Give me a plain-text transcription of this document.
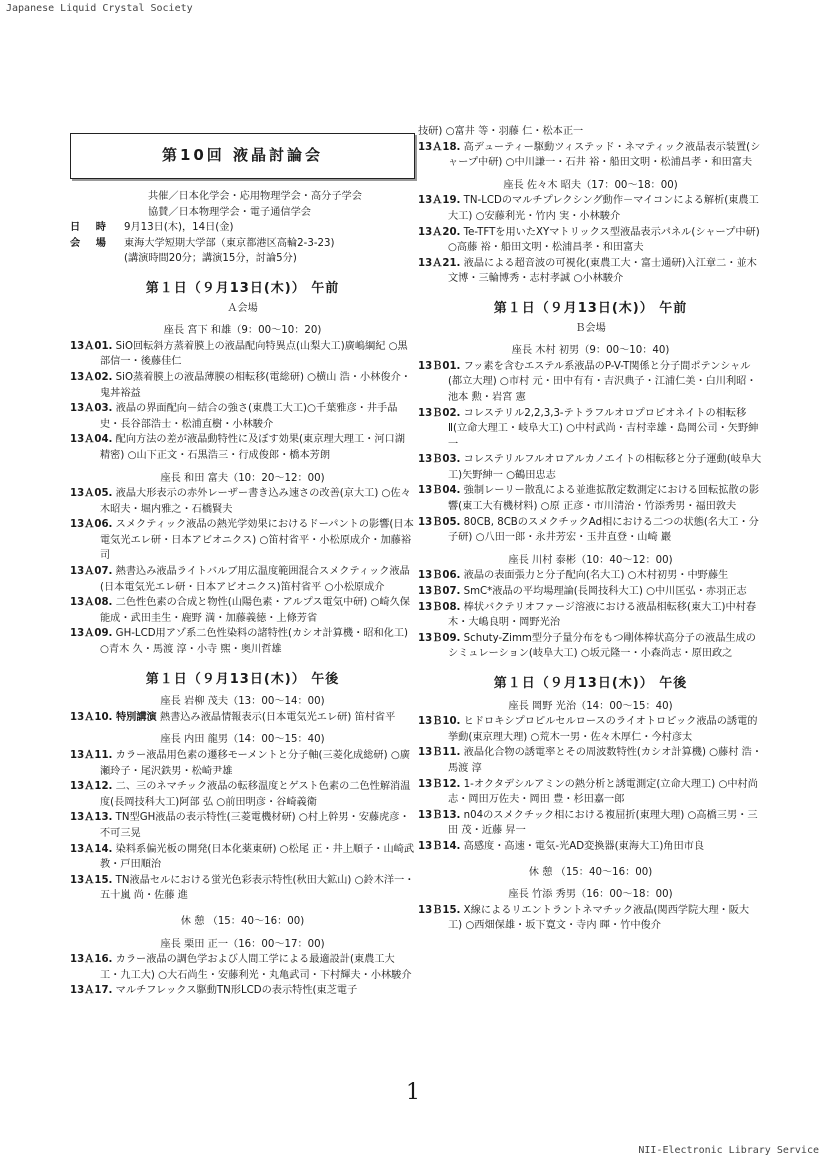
Japanese Liquid Crystal Society
第10回 液晶討論会
共催／日本化学会・応用物理学会・高分子学会
協賛／日本物理学会・電子通信学会
日 時	9月13日(木)，14日(金)
会 場	東海大学短期大学部（東京都港区高輪2-3-23)
(講演時間20分；講演15分，討論5分)
第１日（９月13日(木)） 午前
Ａ会場
座長 宮下 和雄（9：00〜10：20)
13Ａ01. SiO回転斜方蒸着膜上の液晶配向特異点(山梨大工)廣嶋綱紀 ○黒部信一・後藤佳仁
13Ａ02. SiO蒸着膜上の液晶薄膜の相転移(電総研) ○横山 浩・小林俊介・鬼丼裕益
13Ａ03. 液晶の界面配向－結合の強さ(東農工大工)○千葉雅彦・井手晶史・長谷部浩士・松浦直樹・小林駿介
13Ａ04. 配向方法の差が液晶動特性に及ぼす効果(東京理大理工・河口湖精密) ○山下正文・石黒浩三・行成俊郎・橋本芳朗
座長 和田 富夫（10：20〜12：00)
13Ａ05. 液晶大形表示の赤外レーザー書き込み速さの改善(京大工) ○佐々木昭夫・堀内雅之・石橋賢夫
13Ａ06. スメクティック液晶の熱光学効果におけるドーパントの影響(日本電気光エレ研・日本アビオニクス) ○笛村省平・小松原成介・加藤裕司
13Ａ07. 熱書込み液晶ライトバルブ用広温度範囲混合スメクティック液晶(日本電気光エレ研・日本アビオニクス)笛村省平 ○小松原成介
13Ａ08. 二色性色素の合成と物性(山陽色素・アルプス電気中研) ○崎久保能成・武田圭生・鹿野 満・加藤義徳・上條芳省
13Ａ09. GH-LCD用アゾ系二色性染料の諸特性(カシオ計算機・昭和化工) ○青木 久・馬渡 淳・小寺 煕・奥川哲雄
第１日（９月13日(木)） 午後
座長 岩柳 茂夫（13：00〜14：00)
13Ａ10. 特別講演 熱書込み液晶情報表示(日本電気光エレ研) 笛村省平
座長 内田 龍男（14：00〜15：40)
13Ａ11. カラー液晶用色素の遷移モーメントと分子軸(三菱化成総研) ○廣瀬玲子・尾沢鉄男・松崎尹雄
13Ａ12. 二、三のネマチック液晶の転移温度とゲスト色素の二色性解消温度(長岡技科大工)阿部 弘 ○前田明彦・谷崎義衛
13Ａ13. TN型GH液晶の表示特性(三菱電機材研) ○村上幹男・安藤虎彦・不可三晃
13Ａ14. 染料系偏光板の開発(日本化薬東研) ○松尾 正・井上順子・山崎武教・戸田順治
13Ａ15. TN液晶セルにおける蛍光色彩表示特性(秋田大鉱山) ○鈴木洋一・五十嵐 尚・佐藤 進
休 憩 （15：40〜16：00)
座長 栗田 正一（16：00〜17：00)
13Ａ16. カラー液晶の調色学および人間工学による最適設計(東農工大工・九工大) ○大石尚生・安藤利光・丸亀武司・下村輝夫・小林駿介
13Ａ17. マルチフレックス駆動TN形LCDの表示特性(東芝電子
技研) ○富井 等・羽藤 仁・松本正一
13Ａ18. 高デューティー駆動ツィステッド・ネマティック液晶表示装置(シャープ中研) ○中川謙一・石井 裕・船田文明・松浦昌孝・和田富夫
座長 佐々木 昭夫（17：00〜18：00)
13Ａ19. TN-LCDのマルチプレクシング動作－マイコンによる解析(東農工大工) ○安藤利光・竹内 実・小林駿介
13Ａ20. Te-TFTを用いたXYマトリックス型液晶表示パネル(シャープ中研) ○高藤 裕・船田文明・松浦昌孝・和田富夫
13Ａ21. 液晶による超音波の可視化(東農工大・富士通研)入江章二・並木文博・三輪博秀・志村孝誠 ○小林駿介
第１日（９月13日(木)） 午前
Ｂ会場
座長 木村 初男（9：00〜10：40)
13Ｂ01. フッ素を含むエステル系液晶のP-V-T関係と分子間ポテンシャル(都立大理) ○市村 元・田中有有・吉沢典子・江浦仁美・白川利昭・池本 勲・岩宮 憲
13Ｂ02. コレステリル2,2,3,3-テトラフルオロプロピオネイトの相転移Ⅱ(立命大理工・岐阜大工) ○中村武尚・吉村幸雄・島岡公司・矢野紳一
13Ｂ03. コレステリルフルオロアルカノエイトの相転移と分子運動(岐阜大工)矢野紳一 ○鶴田忠志
13Ｂ04. 強制レーリー散乱による並進拡散定数測定における回転拡散の影響(東工大有機材料) ○原 正彦・市川清治・竹添秀男・福田敦夫
13Ｂ05. 80CB, 8CBのスメクチックAd相における二つの状態(名大工・分子研) ○八田一郎・永井芳宏・玉井直登・山崎 巖
座長 川村 泰彬（10：40〜12：00)
13Ｂ06. 液晶の表面張力と分子配向(名大工) ○木村初男・中野藤生
13Ｂ07. SmC*液晶の平均場理論(長岡技科大工) ○中川匡弘・赤羽正志
13Ｂ08. 棒状バクテリオファージ溶液における液晶相転移(東大工)中村春木・大嶋良明・岡野光治
13Ｂ09. Schuty-Zimm型分子量分布をもつ剛体棒状高分子の液晶生成のシミュレーション(岐阜大工) ○坂元隆一・小森尚志・原田政之
第１日（９月13日(木)） 午後
座長 岡野 光治（14：00〜15：40)
13Ｂ10. ヒドロキシプロピルセルロースのライオトロピック液晶の誘電的挙動(東京理大理) ○荒木一男・佐々木厚仁・今村彦太
13Ｂ11. 液晶化合物の誘電率とその周波数特性(カシオ計算機) ○藤村 浩・馬渡 淳
13Ｂ12. 1-オクタデシルアミンの熱分析と誘電測定(立命大理工) ○中村尚志・岡田万佐夫・岡田 豊・杉田嘉一郎
13Ｂ13. n04のスメクチック相における複屈折(東理大理) ○高橋三男・三田 茂・近藤 昇一
13Ｂ14. 高感度・高速・電気-光AD変換器(東海大工)角田市良
休 憩 （15：40〜16：00)
座長 竹添 秀男（16：00〜18：00)
13Ｂ15. X線によるリエントラントネマチック液晶(関西学院大理・阪大工) ○西畑保雄・坂下寛文・寺内 暉・竹中俊介
1
NII-Electronic Library Service
